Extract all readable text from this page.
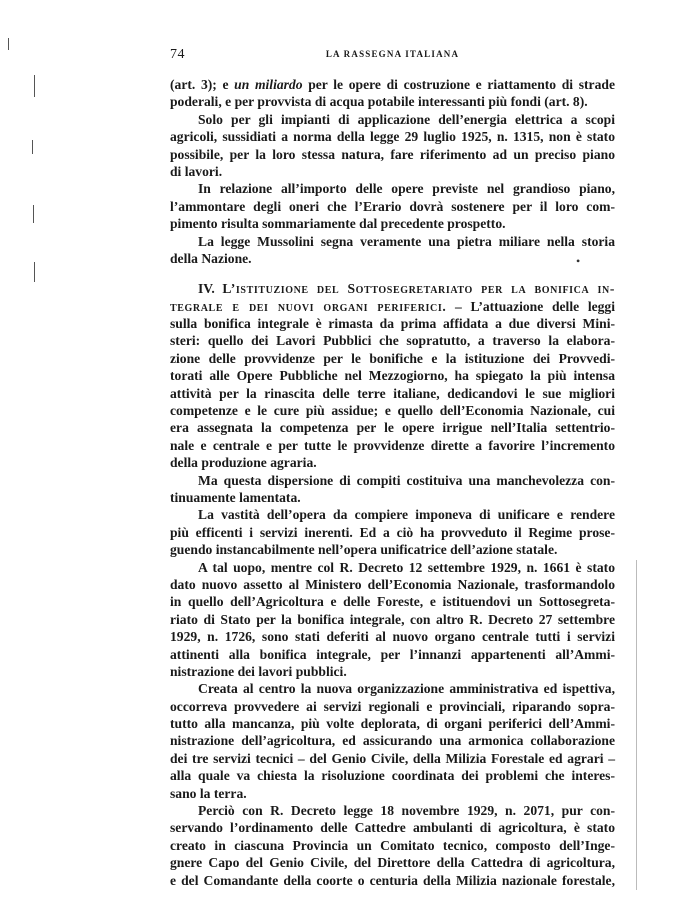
74	LA RASSEGNA ITALIANA
(art. 3); e un miliardo per le opere di costruzione e riattamento di strade
poderali, e per provvista di acqua potabile interessanti più fondi (art. 8).
Solo per gli impianti di applicazione dell’energia elettrica a scopi
agricoli, sussidiati a norma della legge 29 luglio 1925, n. 1315, non è stato
possibile, per la loro stessa natura, fare riferimento ad un preciso piano
di lavori.
In relazione all’importo delle opere previste nel grandioso piano,
l’ammontare degli oneri che l’Erario dovrà sostenere per il loro com-
pimento risulta sommariamente dal precedente prospetto.
La legge Mussolini segna veramente una pietra miliare nella storia
della Nazione.
IV. L’istituzione del Sottosegretariato per la bonifica in-
tegrale e dei nuovi organi periferici. – L’attuazione delle leggi
sulla bonifica integrale è rimasta da prima affidata a due diversi Mini-
steri: quello dei Lavori Pubblici che sopratutto, a traverso la elabora-
zione delle provvidenze per le bonifiche e la istituzione dei Provvedi-
torati alle Opere Pubbliche nel Mezzogiorno, ha spiegato la più intensa
attività per la rinascita delle terre italiane, dedicandovi le sue migliori
competenze e le cure più assidue; e quello dell’Economia Nazionale, cui
era assegnata la competenza per le opere irrigue nell’Italia settentrio-
nale e centrale e per tutte le provvidenze dirette a favorire l’incremento
della produzione agraria.
Ma questa dispersione di compiti costituiva una manchevolezza con-
tinuamente lamentata.
La vastità dell’opera da compiere imponeva di unificare e rendere
più efficenti i servizi inerenti. Ed a ciò ha provveduto il Regime prose-
guendo instancabilmente nell’opera unificatrice dell’azione statale.
A tal uopo, mentre col R. Decreto 12 settembre 1929, n. 1661 è stato
dato nuovo assetto al Ministero dell’Economia Nazionale, trasformandolo
in quello dell’Agricoltura e delle Foreste, e istituendovi un Sottosegreta-
riato di Stato per la bonifica integrale, con altro R. Decreto 27 settembre
1929, n. 1726, sono stati deferiti al nuovo organo centrale tutti i servizi
attinenti alla bonifica integrale, per l’innanzi appartenenti all’Ammi-
nistrazione dei lavori pubblici.
Creata al centro la nuova organizzazione amministrativa ed ispettiva,
occorreva provvedere ai servizi regionali e provinciali, riparando sopra-
tutto alla mancanza, più volte deplorata, di organi periferici dell’Ammi-
nistrazione dell’agricoltura, ed assicurando una armonica collaborazione
dei tre servizi tecnici – del Genio Civile, della Milizia Forestale ed agrari –
alla quale va chiesta la risoluzione coordinata dei problemi che interes-
sano la terra.
Perciò con R. Decreto legge 18 novembre 1929, n. 2071, pur con-
servando l’ordinamento delle Cattedre ambulanti di agricoltura, è stato
creato in ciascuna Provincia un Comitato tecnico, composto dell’Inge-
gnere Capo del Genio Civile, del Direttore della Cattedra di agricoltura,
e del Comandante della coorte o centuria della Milizia nazionale forestale,
•
